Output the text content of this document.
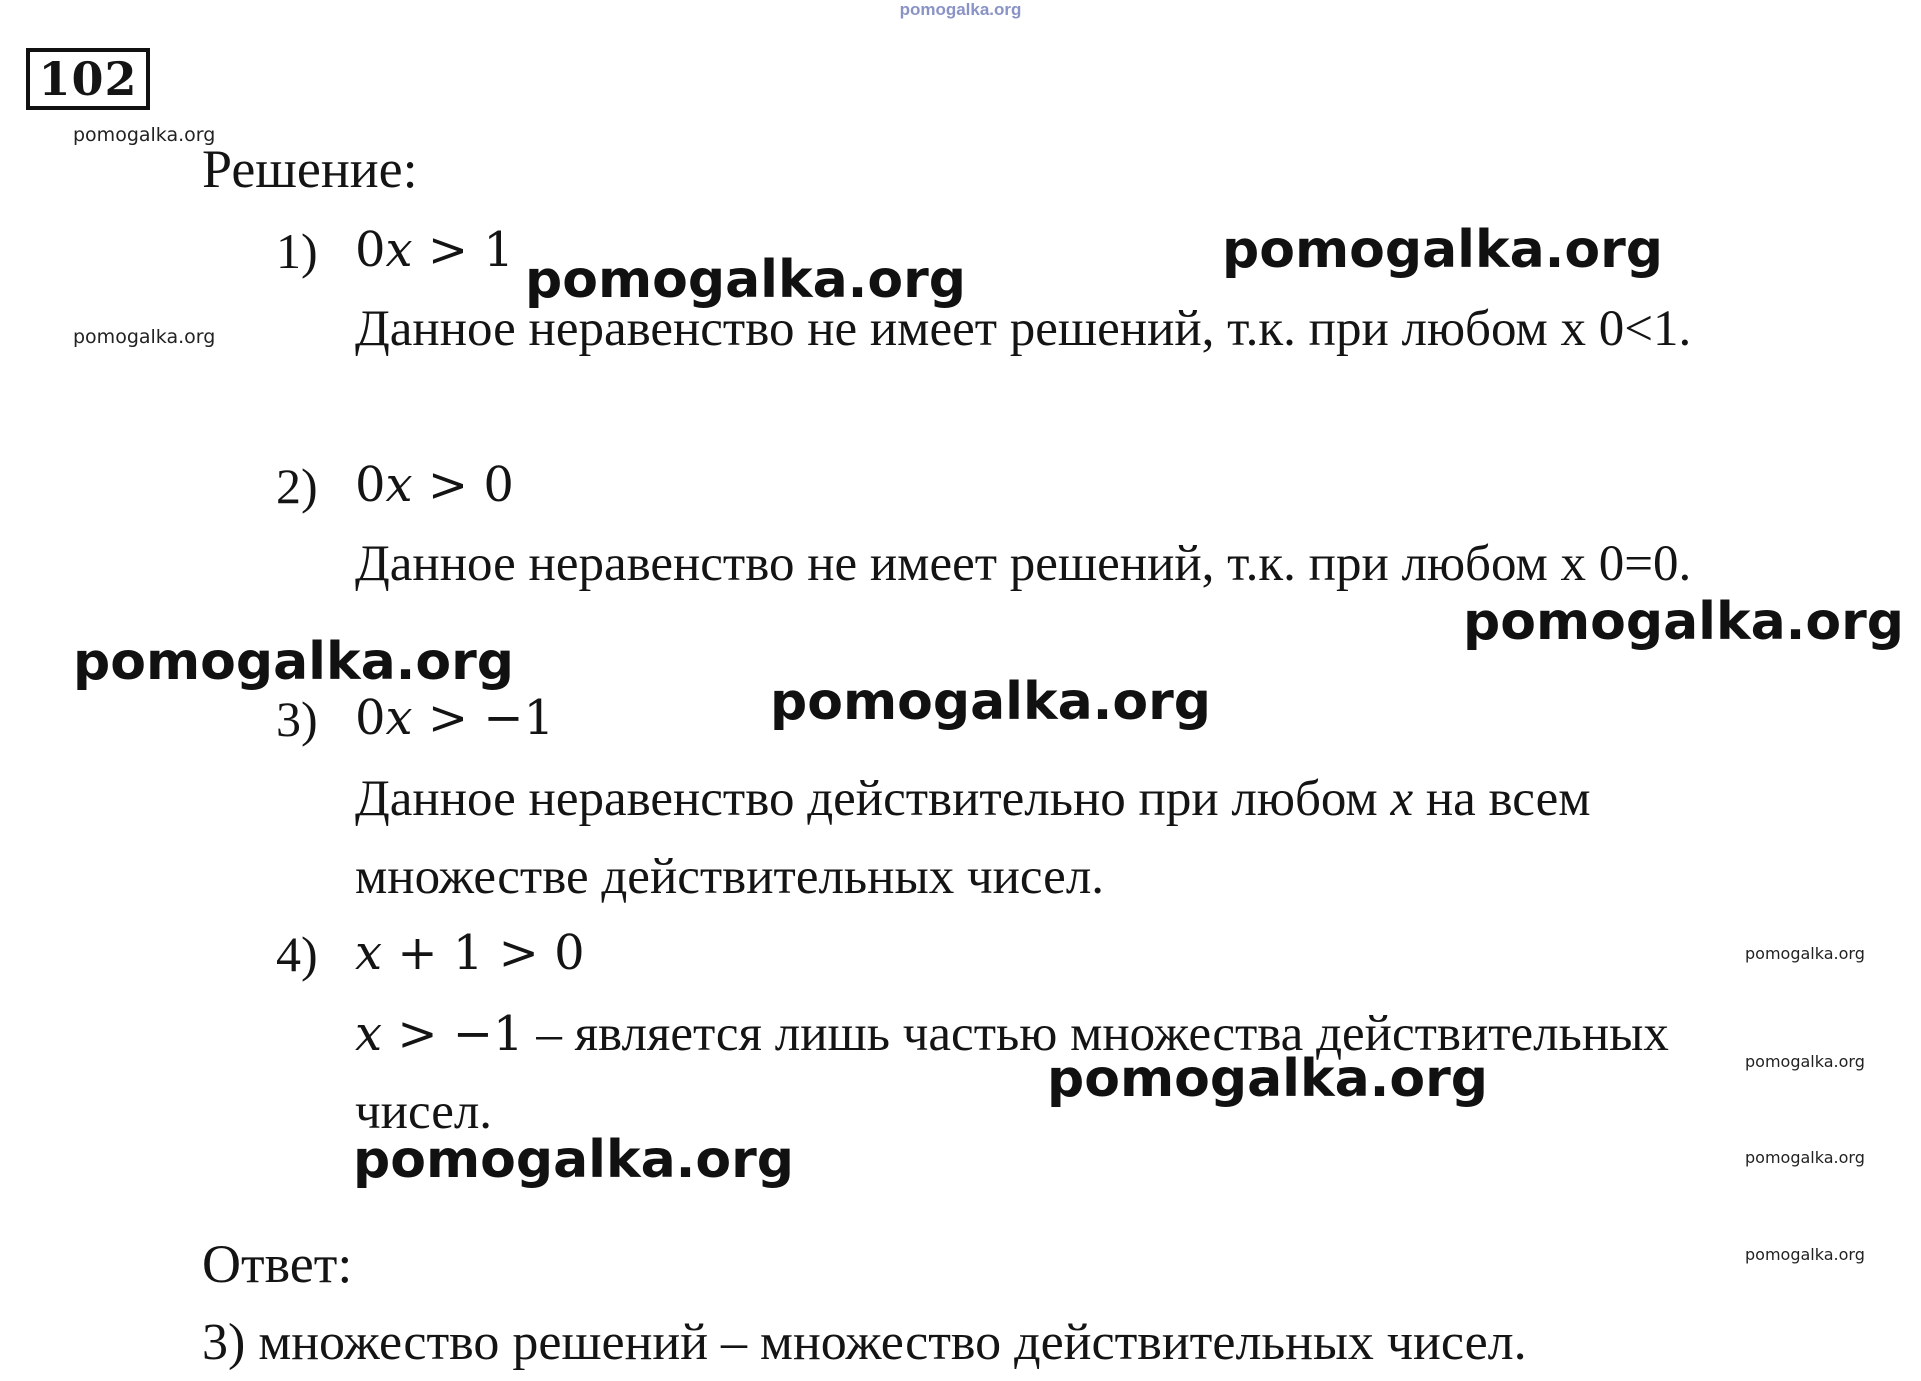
pomogalka.org
102
pomogalka.org
pomogalka.org
pomogalka.org
pomogalka.org
pomogalka.org
pomogalka.org
Решение:
1) 0x > 1
Данное неравенство не имеет решений, т.к. при любом х 0<1.
2) 0x > 0
Данное неравенство не имеет решений, т.к. при любом х 0=0.
3) 0x > −1
Данное неравенство действительно при любом x на всем
множестве действительных чисел.
4) x + 1 > 0
x > −1 – является лишь частью множества действительных
чисел.
Ответ:
3) множество решений – множество действительных чисел.
pomogalka.org	pomogalka.org
pomogalka.org
pomogalka.org
pomogalka.org
pomogalka.org
pomogalka.org
